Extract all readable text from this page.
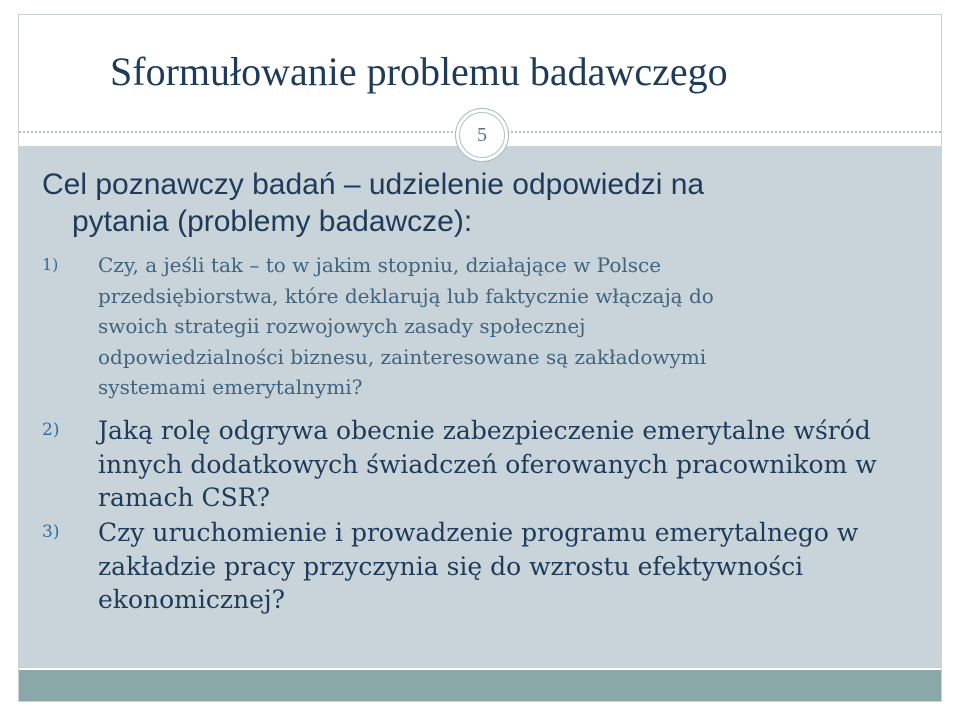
Sformułowanie problemu badawczego
5
Cel poznawczy badań – udzielenie odpowiedzi na
pytania (problemy badawcze):
1)	Czy, a jeśli tak – to w jakim stopniu, działające w Polsce
przedsiębiorstwa, które deklarują lub faktycznie włączają do
swoich strategii rozwojowych zasady społecznej
odpowiedzialności biznesu, zainteresowane są zakładowymi
systemami emerytalnymi?
2)	Jaką rolę odgrywa obecnie zabezpieczenie emerytalne wśród
innych dodatkowych świadczeń oferowanych pracownikom w
ramach CSR?
3)	Czy uruchomienie i prowadzenie programu emerytalnego w
zakładzie pracy przyczynia się do wzrostu efektywności
ekonomicznej?
